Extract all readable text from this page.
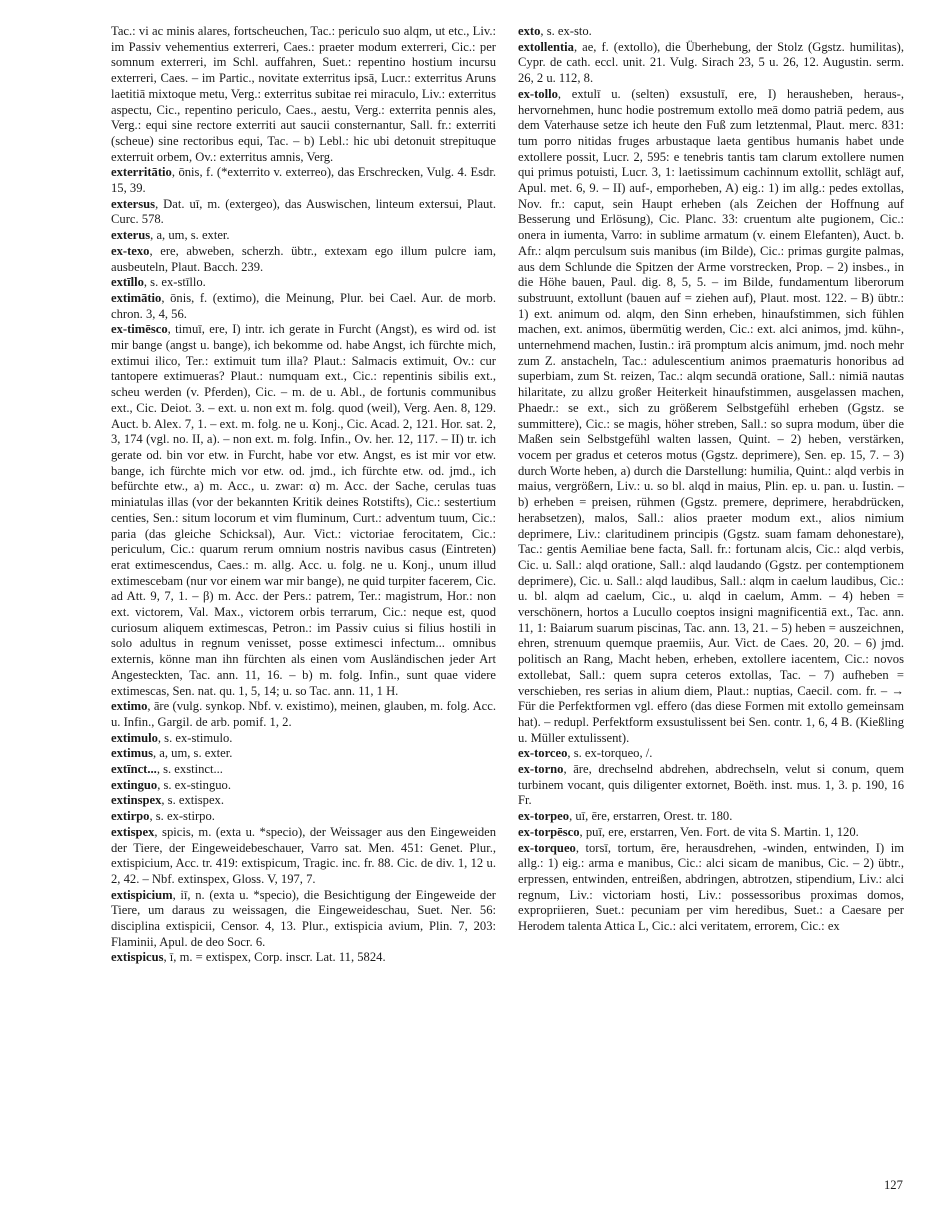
Tac.: vi ac minis alares, fortscheuchen, Tac.: periculo suo alqm, ut etc., Liv.: im Passiv vehementius exterreri, Caes.: praeter modum exterreri, Cic.: per somnum exterreri, im Schl. auffahren, Suet.: repentino hostium incursu exterreri, Caes. – im Partic., novitate exterritus ipsā, Lucr.: exterritus Aruns laetitiā mixtoque metu, Verg.: exterritus subitae rei miraculo, Liv.: exterritus aspectu, Cic., repentino periculo, Caes., aestu, Verg.: exterrita pennis ales, Verg.: equi sine rectore exterriti aut saucii consternantur, Sall. fr.: exterriti (scheue) sine rectoribus equi, Tac. – b) Lebl.: hic ubi detonuit strepituque exterruit orbem, Ov.: exterritus amnis, Verg.

exterritātio, ōnis, f. (*exterrito v. exterreo), das Erschrecken, Vulg. 4. Esdr. 15, 39.

extersus, Dat. uī, m. (extergeo), das Auswischen, linteum extersui, Plaut. Curc. 578.

exterus, a, um, s. exter.

ex-texo, ere, abweben, scherzh. übtr., extexam ego illum pulcre iam, ausbeuteln, Plaut. Bacch. 239.

extīllo, s. ex-stīllo.

extimātio, ōnis, f. (extimo), die Meinung, Plur. bei Cael. Aur. de morb. chron. 3, 4, 56.

ex-timēsco, timuī, ere, I) intr. ich gerate in Furcht (Angst), es wird od. ist mir bange (angst u. bange), ich bekomme od. habe Angst, ich fürchte mich, extimui ilico, Ter.: extimuit tum illa? Plaut.: Salmacis extimuit, Ov.: cur tantopere extimueras? Plaut.: numquam ext., Cic.: repentinis sibilis ext., scheu werden (v. Pferden), Cic. – m. de u. Abl., de fortunis communibus ext., Cic. Deiot. 3. – ext. u. non ext m. folg. quod (weil), Verg. Aen. 8, 129. Auct. b. Alex. 7, 1. – ext. m. folg. ne u. Konj., Cic. Acad. 2, 121. Hor. sat. 2, 3, 174 (vgl. no. II, a). – non ext. m. folg. Infin., Ov. her. 12, 117. – II) tr. ich gerate od. bin vor etw. in Furcht, habe vor etw. Angst, es ist mir vor etw. bange, ich fürchte mich vor etw. od. jmd., ich fürchte etw. od. jmd., ich befürchte etw., a) m. Acc., u. zwar: α) m. Acc. der Sache, cerulas tuas miniatulas illas (vor der bekannten Kritik deines Rotstifts), Cic.: sestertium centies, Sen.: situm locorum et vim fluminum, Curt.: adventum tuum, Cic.: paria (das gleiche Schicksal), Aur. Vict.: victoriae ferocitatem, Cic.: periculum, Cic.: quarum rerum omnium nostris navibus casus (Eintreten) erat extimescendus, Caes.: m. allg. Acc. u. folg. ne u. Konj., unum illud extimescebam (nur vor einem war mir bange), ne quid turpiter facerem, Cic. ad Att. 9, 7, 1. – β) m. Acc. der Pers.: patrem, Ter.: magistrum, Hor.: non ext. victorem, Val. Max., victorem orbis terrarum, Cic.: neque est, quod curiosum aliquem extimescas, Petron.: im Passiv cuius si filius hostili in solo adultus in regnum venisset, posse extimesci infectum... omnibus externis, könne man ihn fürchten als einen vom Ausländischen jeder Art Angesteckten, Tac. ann. 11, 16. – b) m. folg. Infin., sunt quae videre extimescas, Sen. nat. qu. 1, 5, 14; u. so Tac. ann. 11, 1 H.

extimo, āre (vulg. synkop. Nbf. v. existimo), meinen, glauben, m. folg. Acc. u. Infin., Gargil. de arb. pomif. 1, 2.

extimulo, s. ex-stimulo.

extimus, a, um, s. exter.

extīnct..., s. exstinct...

extinguo, s. ex-stinguo.

extinspex, s. extispex.

extirpo, s. ex-stirpo.

extispex, spicis, m. (exta u. *specio), der Weissager aus den Eingeweiden der Tiere, der Eingeweidebeschauer, Varro sat. Men. 451: Genet. Plur., extispicium, Acc. tr. 419: extispicum, Tragic. inc. fr. 88. Cic. de div. 1, 12 u. 2, 42. – Nbf. extinspex, Gloss. V, 197, 7.

extispicium, iī, n. (exta u. *specio), die Besichtigung der Eingeweide der Tiere, um daraus zu weissagen, die Eingeweideschau, Suet. Ner. 56: disciplina extispicii, Censor. 4, 13. Plur., extispicia avium, Plin. 7, 203: Flaminii, Apul. de deo Socr. 6.

extispicus, ī, m. = extispex, Corp. inscr. Lat. 11, 5824.

exto, s. ex-sto.

extollentia, ae, f. (extollo), die Überhebung, der Stolz (Ggstz. humilitas), Cypr. de cath. eccl. unit. 21. Vulg. Sirach 23, 5 u. 26, 12. Augustin. serm. 26, 2 u. 112, 8.

ex-tollo, extulī u. (selten) exsustulī, ere, I) herausheben, heraus-, hervornehmen, hunc hodie postremum extollo meā domo patriā pedem, aus dem Vaterhause setze ich heute den Fuß zum letztenmal, Plaut. merc. 831: tum porro nitidas fruges arbustaque laeta gentibus humanis habet unde extollere possit, Lucr. 2, 595: e tenebris tantis tam clarum extollere numen qui primus potuisti, Lucr. 3, 1: laetissimum cachinnum extollit, schlägt auf, Apul. met. 6, 9. – II) auf-, emporheben, A) eig.: 1) im allg.: pedes extollas, Nov. fr.: caput, sein Haupt erheben (als Zeichen der Hoffnung auf Besserung und Erlösung), Cic. Planc. 33: cruentum alte pugionem, Cic.: onera in iumenta, Varro: in sublime armatum (v. einem Elefanten), Auct. b. Afr.: alqm perculsum suis manibus (im Bilde), Cic.: primas gurgite palmas, aus dem Schlunde die Spitzen der Arme vorstrecken, Prop. – 2) insbes., in die Höhe bauen, Paul. dig. 8, 5, 5. – im Bilde, fundamentum liberorum substruunt, extollunt (bauen auf = ziehen auf), Plaut. most. 122. – B) übtr.: 1) ext. animum od. alqm, den Sinn erheben, hinaufstimmen, sich fühlen machen, ext. animos, übermütig werden, Cic.: ext. alci animos, jmd. kühn-, unternehmend machen, Iustin.: irā promptum alcis animum, jmd. noch mehr zum Z. anstacheln, Tac.: adulescentium animos praematuris honoribus ad superbiam, zum St. reizen, Tac.: alqm secundā oratione, Sall.: nimiā nautas hilaritate, zu allzu großer Heiterkeit hinaufstimmen, ausgelassen machen, Phaedr.: se ext., sich zu größerem Selbstgefühl erheben (Ggstz. se summittere), Cic.: se magis, höher streben, Sall.: so supra modum, über die Maßen sein Selbstgefühl walten lassen, Quint. – 2) heben, verstärken, vocem per gradus et ceteros motus (Ggstz. deprimere), Sen. ep. 15, 7. – 3) durch Worte heben, a) durch die Darstellung: humilia, Quint.: alqd verbis in maius, vergrößern, Liv.: u. so bl. alqd in maius, Plin. ep. u. pan. u. Iustin. – b) erheben = preisen, rühmen (Ggstz. premere, deprimere, herabdrücken, herabsetzen), malos, Sall.: alios praeter modum ext., alios nimium deprimere, Liv.: claritudinem principis (Ggstz. suam famam dehonestare), Tac.: gentis Aemiliae bene facta, Sall. fr.: fortunam alcis, Cic.: alqd verbis, Cic. u. Sall.: alqd oratione, Sall.: alqd laudando (Ggstz. per contemptionem deprimere), Cic. u. Sall.: alqd laudibus, Sall.: alqm in caelum laudibus, Cic.: u. bl. alqm ad caelum, Cic., u. alqd in caelum, Amm. – 4) heben = verschönern, hortos a Lucullo coeptos insigni magnificentiā ext., Tac. ann. 11, 1: Baiarum suarum piscinas, Tac. ann. 13, 21. – 5) heben = auszeichnen, ehren, strenuum quemque praemiis, Aur. Vict. de Caes. 20, 20. – 6) jmd. politisch an Rang, Macht heben, erheben, extollere iacentem, Cic.: novos extollebat, Sall.: quem supra ceteros extollas, Tac. – 7) aufheben = verschieben, res serias in alium diem, Plaut.: nuptias, Caecil. com. fr. – → Für die Perfektformen vgl. effero (das diese Formen mit extollo gemeinsam hat). – redupl. Perfektform exsustulissent bei Sen. contr. 1, 6, 4 B. (Kießling u. Müller extulissent).

ex-torceo, s. ex-torqueo, /.

ex-torno, āre, drechselnd abdrehen, abdrechseln, velut si conum, quem turbinem vocant, quis diligenter extornet, Boëth. inst. mus. 1, 3. p. 190, 16 Fr.

ex-torpeo, uī, ēre, erstarren, Orest. tr. 180.

ex-torpēsco, puī, ere, erstarren, Ven. Fort. de vita S. Martin. 1, 120.

ex-torqueo, torsī, tortum, ēre, herausdrehen, -winden, entwinden, I) im allg.: 1) eig.: arma e manibus, Cic.: alci sicam de manibus, Cic. – 2) übtr., erpressen, entwinden, entreißen, abdringen, abtrotzen, stipendium, Liv.: alci regnum, Liv.: victoriam hosti, Liv.: possessoribus proximas domos, expropriieren, Suet.: pecuniam per vim heredibus, Suet.: a Caesare per Herodem talenta Attica L, Cic.: alci veritatem, errorem, Cic.: ex

127
